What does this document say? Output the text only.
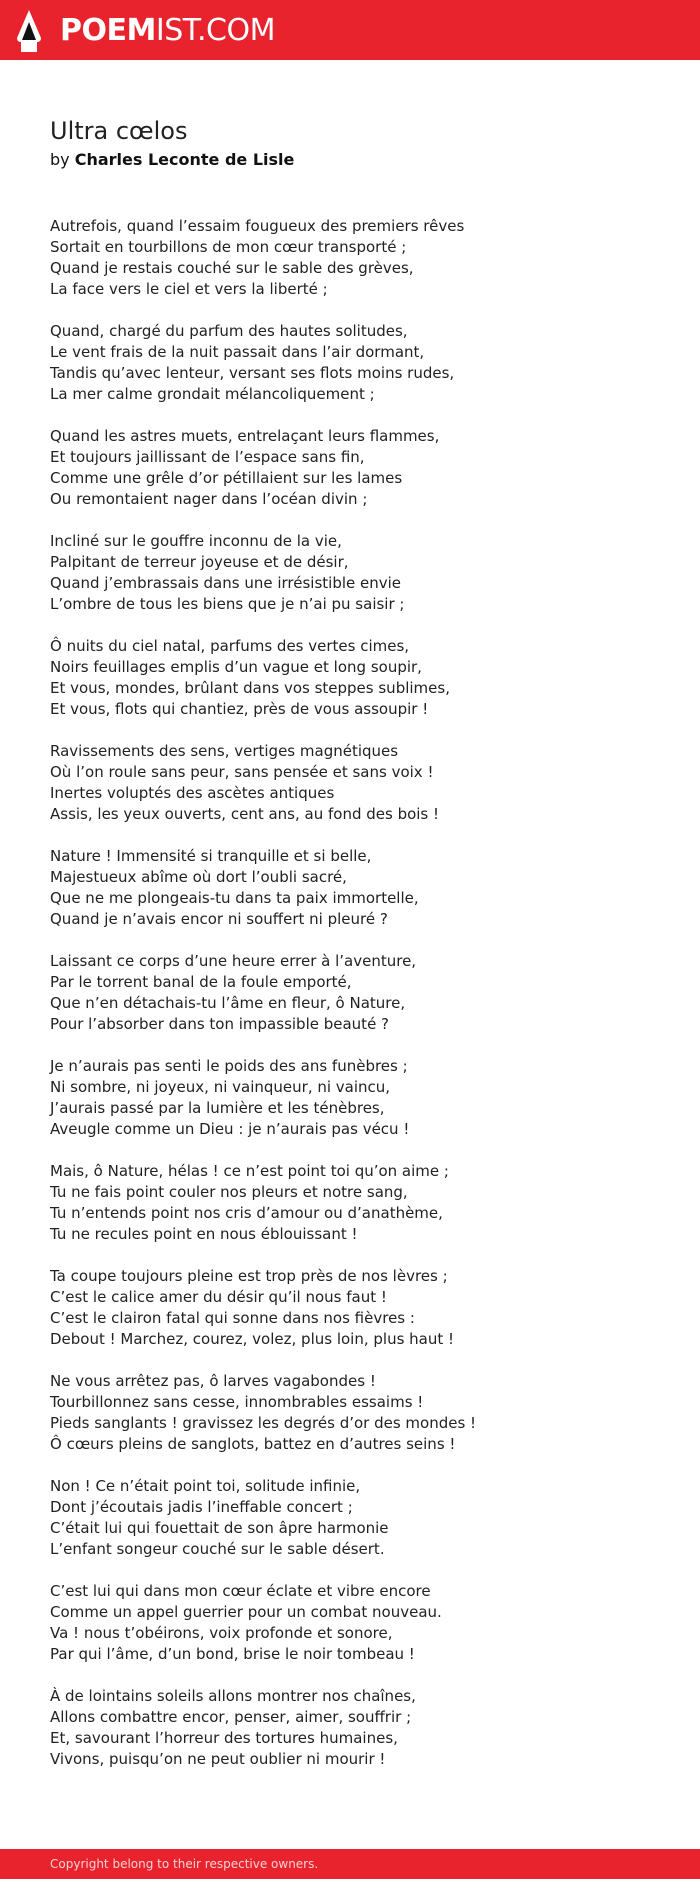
POEMIST.COM
Ultra cœlos
by Charles Leconte de Lisle
Autrefois, quand l’essaim fougueux des premiers rêves
Sortait en tourbillons de mon cœur transporté ;
Quand je restais couché sur le sable des grèves,
La face vers le ciel et vers la liberté ;
Quand, chargé du parfum des hautes solitudes,
Le vent frais de la nuit passait dans l’air dormant,
Tandis qu’avec lenteur, versant ses flots moins rudes,
La mer calme grondait mélancoliquement ;
Quand les astres muets, entrelaçant leurs flammes,
Et toujours jaillissant de l’espace sans fin,
Comme une grêle d’or pétillaient sur les lames
Ou remontaient nager dans l’océan divin ;
Incliné sur le gouffre inconnu de la vie,
Palpitant de terreur joyeuse et de désir,
Quand j’embrassais dans une irrésistible envie
L’ombre de tous les biens que je n’ai pu saisir ;
Ô nuits du ciel natal, parfums des vertes cimes,
Noirs feuillages emplis d’un vague et long soupir,
Et vous, mondes, brûlant dans vos steppes sublimes,
Et vous, flots qui chantiez, près de vous assoupir !
Ravissements des sens, vertiges magnétiques
Où l’on roule sans peur, sans pensée et sans voix !
Inertes voluptés des ascètes antiques
Assis, les yeux ouverts, cent ans, au fond des bois !
Nature ! Immensité si tranquille et si belle,
Majestueux abîme où dort l’oubli sacré,
Que ne me plongeais-tu dans ta paix immortelle,
Quand je n’avais encor ni souffert ni pleuré ?
Laissant ce corps d’une heure errer à l’aventure,
Par le torrent banal de la foule emporté,
Que n’en détachais-tu l’âme en fleur, ô Nature,
Pour l’absorber dans ton impassible beauté ?
Je n’aurais pas senti le poids des ans funèbres ;
Ni sombre, ni joyeux, ni vainqueur, ni vaincu,
J’aurais passé par la lumière et les ténèbres,
Aveugle comme un Dieu : je n’aurais pas vécu !
Mais, ô Nature, hélas ! ce n’est point toi qu’on aime ;
Tu ne fais point couler nos pleurs et notre sang,
Tu n’entends point nos cris d’amour ou d’anathème,
Tu ne recules point en nous éblouissant !
Ta coupe toujours pleine est trop près de nos lèvres ;
C’est le calice amer du désir qu’il nous faut !
C’est le clairon fatal qui sonne dans nos fièvres :
Debout ! Marchez, courez, volez, plus loin, plus haut !
Ne vous arrêtez pas, ô larves vagabondes !
Tourbillonnez sans cesse, innombrables essaims !
Pieds sanglants ! gravissez les degrés d’or des mondes !
Ô cœurs pleins de sanglots, battez en d’autres seins !
Non ! Ce n’était point toi, solitude infinie,
Dont j’écoutais jadis l’ineffable concert ;
C’était lui qui fouettait de son âpre harmonie
L’enfant songeur couché sur le sable désert.
C’est lui qui dans mon cœur éclate et vibre encore
Comme un appel guerrier pour un combat nouveau.
Va ! nous t’obéirons, voix profonde et sonore,
Par qui l’âme, d’un bond, brise le noir tombeau !
À de lointains soleils allons montrer nos chaînes,
Allons combattre encor, penser, aimer, souffrir ;
Et, savourant l’horreur des tortures humaines,
Vivons, puisqu’on ne peut oublier ni mourir !
Copyright belong to their respective owners.
